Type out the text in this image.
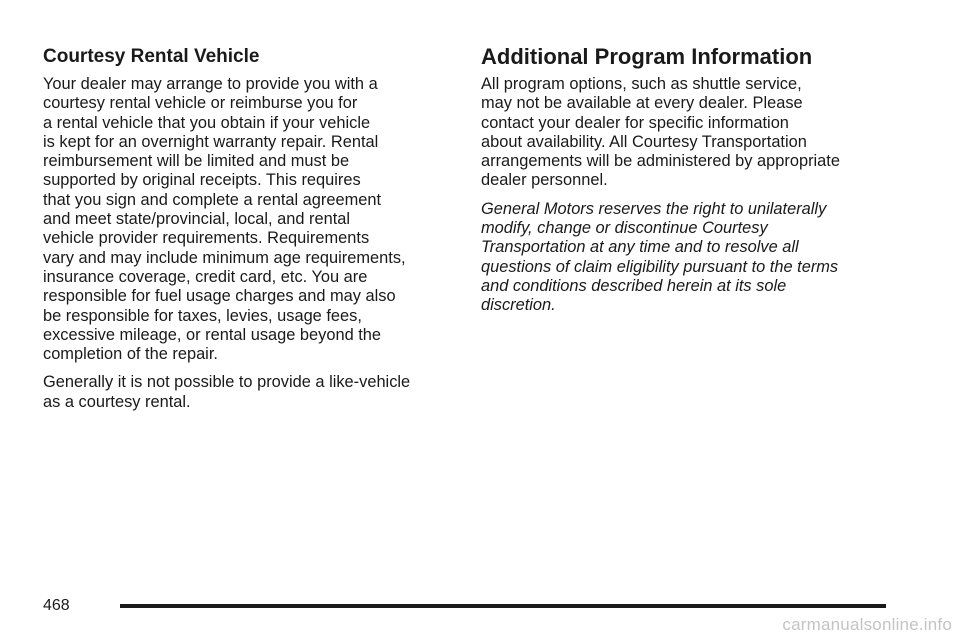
Courtesy Rental Vehicle

Your dealer may arrange to provide you with a
courtesy rental vehicle or reimburse you for
a rental vehicle that you obtain if your vehicle
is kept for an overnight warranty repair. Rental
reimbursement will be limited and must be
supported by original receipts. This requires
that you sign and complete a rental agreement
and meet state/provincial, local, and rental
vehicle provider requirements. Requirements
vary and may include minimum age requirements,
insurance coverage, credit card, etc. You are
responsible for fuel usage charges and may also
be responsible for taxes, levies, usage fees,
excessive mileage, or rental usage beyond the
completion of the repair.

Generally it is not possible to provide a like-vehicle
as a courtesy rental.

Additional Program Information

All program options, such as shuttle service,
may not be available at every dealer. Please
contact your dealer for specific information
about availability. All Courtesy Transportation
arrangements will be administered by appropriate
dealer personnel.

General Motors reserves the right to unilaterally
modify, change or discontinue Courtesy
Transportation at any time and to resolve all
questions of claim eligibility pursuant to the terms
and conditions described herein at its sole
discretion.

468
carmanualsonline.info
